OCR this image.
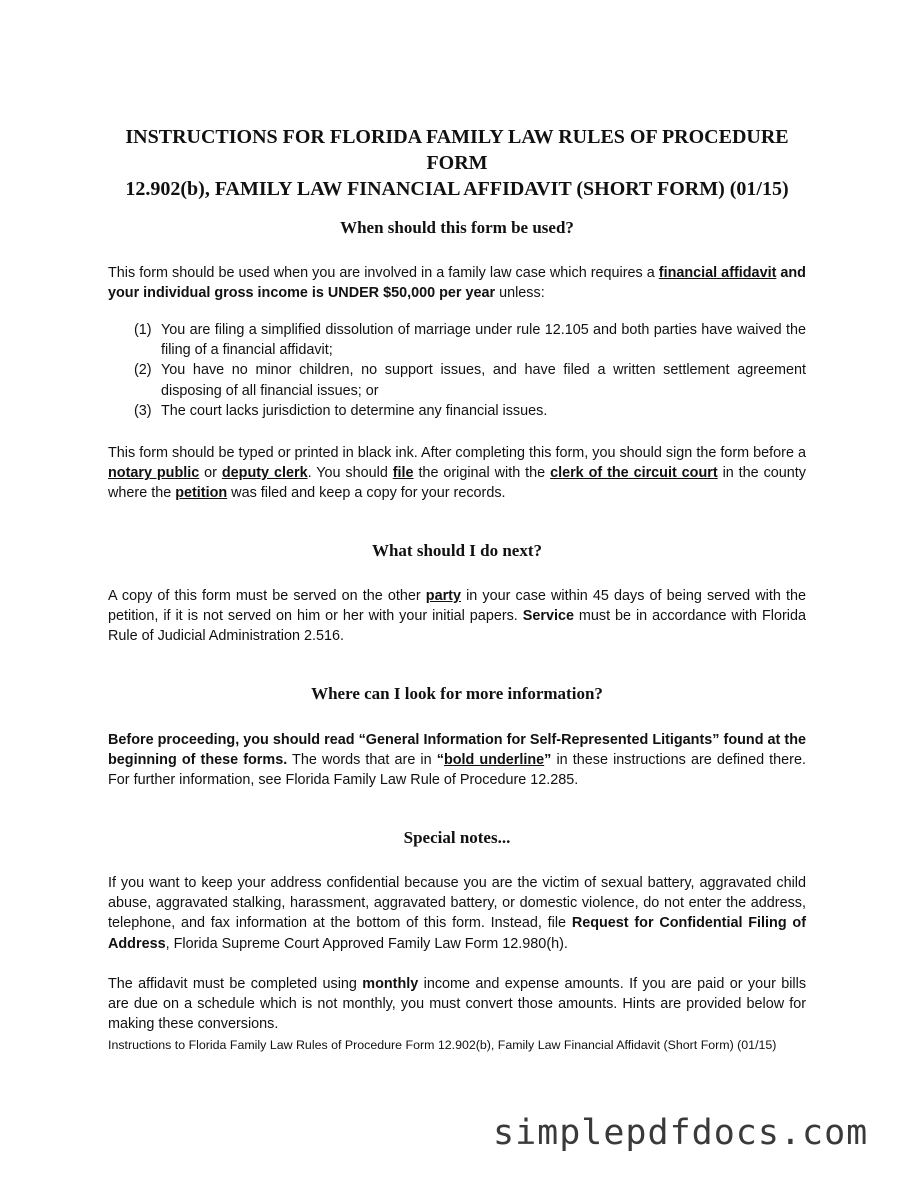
INSTRUCTIONS FOR FLORIDA FAMILY LAW RULES OF PROCEDURE FORM
12.902(b), FAMILY LAW FINANCIAL AFFIDAVIT (SHORT FORM) (01/15)
When should this form be used?
This form should be used when you are involved in a family law case which requires a financial affidavit and your individual gross income is UNDER $50,000 per year unless:
(1) You are filing a simplified dissolution of marriage under rule 12.105 and both parties have waived the filing of a financial affidavit;
(2) You have no minor children, no support issues, and have filed a written settlement agreement disposing of all financial issues; or
(3) The court lacks jurisdiction to determine any financial issues.
This form should be typed or printed in black ink. After completing this form, you should sign the form before a notary public or deputy clerk. You should file the original with the clerk of the circuit court in the county where the petition was filed and keep a copy for your records.
What should I do next?
A copy of this form must be served on the other party in your case within 45 days of being served with the petition, if it is not served on him or her with your initial papers. Service must be in accordance with Florida Rule of Judicial Administration 2.516.
Where can I look for more information?
Before proceeding, you should read “General Information for Self-Represented Litigants” found at the beginning of these forms. The words that are in “bold underline” in these instructions are defined there. For further information, see Florida Family Law Rule of Procedure 12.285.
Special notes...
If you want to keep your address confidential because you are the victim of sexual battery, aggravated child abuse, aggravated stalking, harassment, aggravated battery, or domestic violence, do not enter the address, telephone, and fax information at the bottom of this form. Instead, file Request for Confidential Filing of Address, Florida Supreme Court Approved Family Law Form 12.980(h).
The affidavit must be completed using monthly income and expense amounts. If you are paid or your bills are due on a schedule which is not monthly, you must convert those amounts. Hints are provided below for making these conversions.
Instructions to Florida Family Law Rules of Procedure Form 12.902(b), Family Law Financial Affidavit (Short Form) (01/15)
simplepdfdocs.com
